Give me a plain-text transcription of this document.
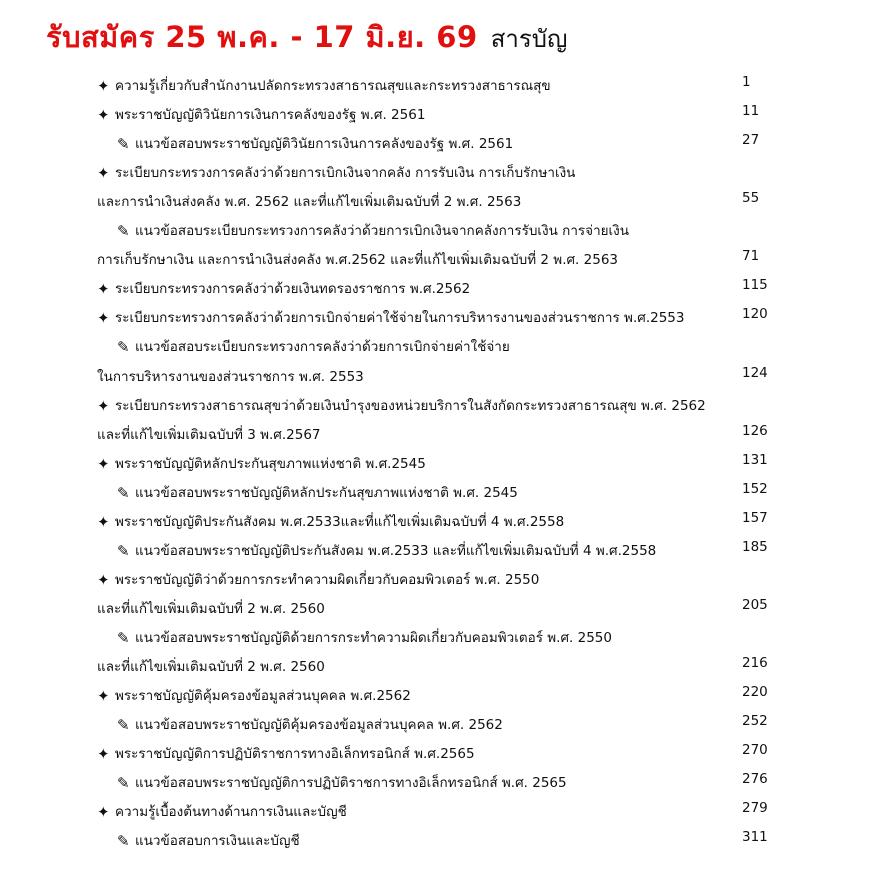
รับสมัคร 25 พ.ค. - 17 มิ.ย. 69 สารบัญ
✦ ความรู้เกี่ยวกับสำนักงานปลัดกระทรวงสาธารณสุขและกระทรวงสาธารณสุข	1
✦ พระราชบัญญัติวินัยการเงินการคลังของรัฐ พ.ศ. 2561	11
✎ แนวข้อสอบพระราชบัญญัติวินัยการเงินการคลังของรัฐ พ.ศ. 2561	27
✦ ระเบียบกระทรวงการคลังว่าด้วยการเบิกเงินจากคลัง การรับเงิน การเก็บรักษาเงิน
และการนำเงินส่งคลัง พ.ศ. 2562 และที่แก้ไขเพิ่มเติมฉบับที่ 2 พ.ศ. 2563	55
✎ แนวข้อสอบระเบียบกระทรวงการคลังว่าด้วยการเบิกเงินจากคลังการรับเงิน การจ่ายเงิน
การเก็บรักษาเงิน และการนำเงินส่งคลัง พ.ศ.2562 และที่แก้ไขเพิ่มเติมฉบับที่ 2 พ.ศ. 2563	71
✦ ระเบียบกระทรวงการคลังว่าด้วยเงินทดรองราชการ พ.ศ.2562	115
✦ ระเบียบกระทรวงการคลังว่าด้วยการเบิกจ่ายค่าใช้จ่ายในการบริหารงานของส่วนราชการ พ.ศ.2553	120
✎ แนวข้อสอบระเบียบกระทรวงการคลังว่าด้วยการเบิกจ่ายค่าใช้จ่าย
ในการบริหารงานของส่วนราชการ พ.ศ. 2553	124
✦ ระเบียบกระทรวงสาธารณสุขว่าด้วยเงินบำรุงของหน่วยบริการในสังกัดกระทรวงสาธารณสุข พ.ศ. 2562
และที่แก้ไขเพิ่มเติมฉบับที่ 3 พ.ศ.2567	126
✦ พระราชบัญญัติหลักประกันสุขภาพแห่งชาติ พ.ศ.2545	131
✎ แนวข้อสอบพระราชบัญญัติหลักประกันสุขภาพแห่งชาติ พ.ศ. 2545	152
✦ พระราชบัญญัติประกันสังคม พ.ศ.2533และที่แก้ไขเพิ่มเติมฉบับที่ 4 พ.ศ.2558	157
✎ แนวข้อสอบพระราชบัญญัติประกันสังคม พ.ศ.2533 และที่แก้ไขเพิ่มเติมฉบับที่ 4 พ.ศ.2558	185
✦ พระราชบัญญัติว่าด้วยการกระทำความผิดเกี่ยวกับคอมพิวเตอร์ พ.ศ. 2550
และที่แก้ไขเพิ่มเติมฉบับที่ 2 พ.ศ. 2560	205
✎ แนวข้อสอบพระราชบัญญัติด้วยการกระทำความผิดเกี่ยวกับคอมพิวเตอร์ พ.ศ. 2550
และที่แก้ไขเพิ่มเติมฉบับที่ 2 พ.ศ. 2560	216
✦ พระราชบัญญัติคุ้มครองข้อมูลส่วนบุคคล พ.ศ.2562	220
✎ แนวข้อสอบพระราชบัญญัติคุ้มครองข้อมูลส่วนบุคคล พ.ศ. 2562	252
✦ พระราชบัญญัติการปฏิบัติราชการทางอิเล็กทรอนิกส์ พ.ศ.2565	270
✎ แนวข้อสอบพระราชบัญญัติการปฏิบัติราชการทางอิเล็กทรอนิกส์ พ.ศ. 2565	276
✦ ความรู้เบื้องต้นทางด้านการเงินและบัญชี	279
✎ แนวข้อสอบการเงินและบัญชี	311
